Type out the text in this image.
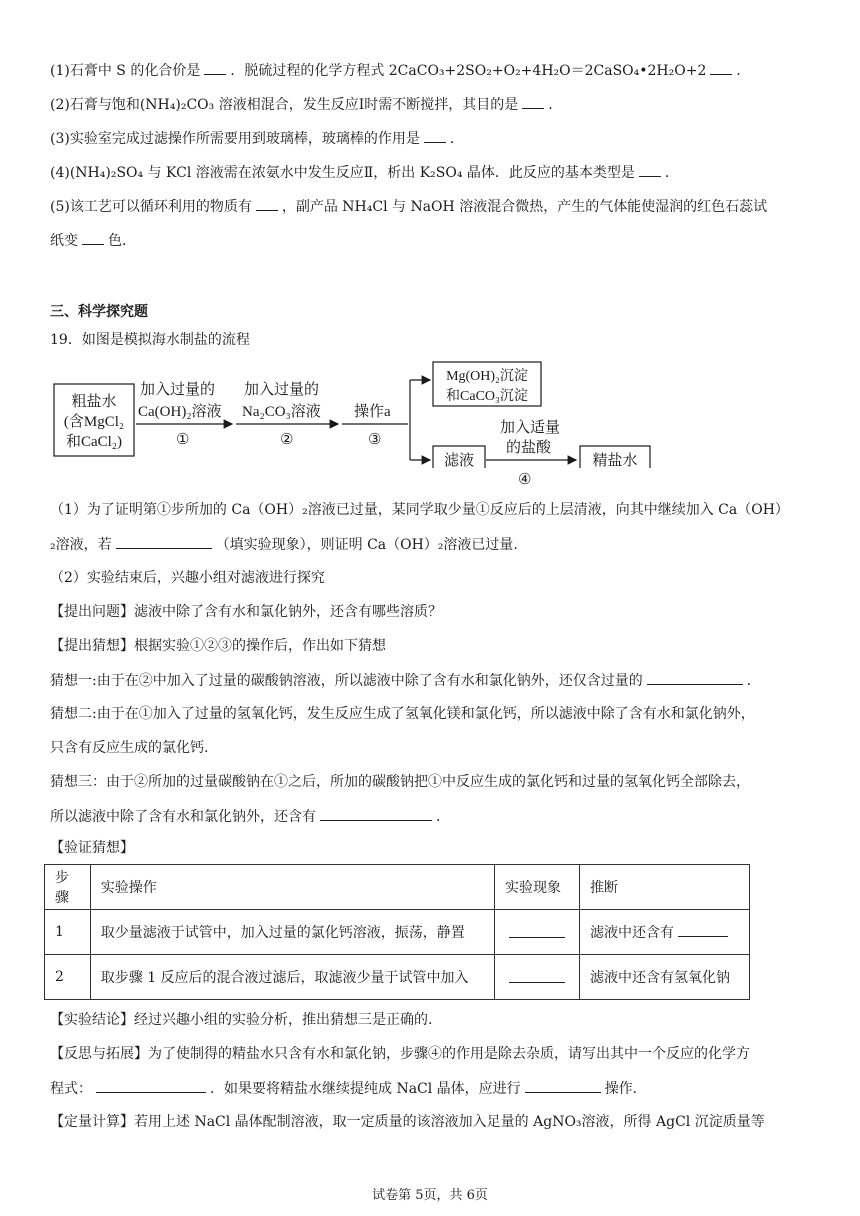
(1)石膏中 S 的化合价是 ．脱硫过程的化学方程式 2CaCO₃+2SO₂+O₂+4H₂O＝2CaSO₄•2H₂O+2 ．
(2)石膏与饱和(NH₄)₂CO₃ 溶液相混合，发生反应Ⅰ时需不断搅拌，其目的是 ．
(3)实验室完成过滤操作所需要用到玻璃棒，玻璃棒的作用是 ．
(4)(NH₄)₂SO₄ 与 KCl 溶液需在浓氨水中发生反应Ⅱ，析出 K₂SO₄ 晶体．此反应的基本类型是 ．
(5)该工艺可以循环利用的物质有 ，副产品 NH₄Cl 与 NaOH 溶液混合微热，产生的气体能使湿润的红色石蕊试
纸变 色．
三、科学探究题
19．如图是模拟海水制盐的流程
粗盐水
(含MgCl₂
和CaCl₂)
加入过量的
Ca(OH)₂溶液
①
加入过量的
Na₂CO₃溶液
②
操作a
③
Mg(OH)₂沉淀
和CaCO₃沉淀
滤液
加入适量
的盐酸
精盐水
④
（1）为了证明第①步所加的 Ca（OH）₂溶液已过量，某同学取少量①反应后的上层清液，向其中继续加入 Ca（OH）
₂溶液，若	（填实验现象），则证明 Ca（OH）₂溶液已过量.
（2）实验结束后，兴趣小组对滤液进行探究
【提出问题】滤液中除了含有水和氯化钠外，还含有哪些溶质？
【提出猜想】根据实验①②③的操作后，作出如下猜想
猜想一:由于在②中加入了过量的碳酸钠溶液，所以滤液中除了含有水和氯化钠外，还仅含过量的	．
猜想二:由于在①加入了过量的氢氧化钙，发生反应生成了氢氧化镁和氯化钙，所以滤液中除了含有水和氯化钠外，
只含有反应生成的氯化钙.
猜想三：由于②所加的过量碳酸钠在①之后，所加的碳酸钠把①中反应生成的氯化钙和过量的氢氧化钙全部除去，
所以滤液中除了含有水和氯化钠外，还含有	．
【验证猜想】
步骤	实验操作	实验现象	推断
1	取少量滤液于试管中，加入过量的氯化钙溶液，振荡，静置		滤液中还含有
2	取步骤 1 反应后的混合液过滤后，取滤液少量于试管中加入		滤液中还含有氢氧化钠
【实验结论】经过兴趣小组的实验分析，推出猜想三是正确的.
【反思与拓展】为了使制得的精盐水只含有水和氯化钠，步骤④的作用是除去杂质，请写出其中一个反应的化学方
程式：	．如果要将精盐水继续提纯成 NaCl 晶体，应进行	操作.
【定量计算】若用上述 NaCl 晶体配制溶液，取一定质量的该溶液加入足量的 AgNO₃溶液，所得 AgCl 沉淀质量等
试卷第 5页，共 6页
